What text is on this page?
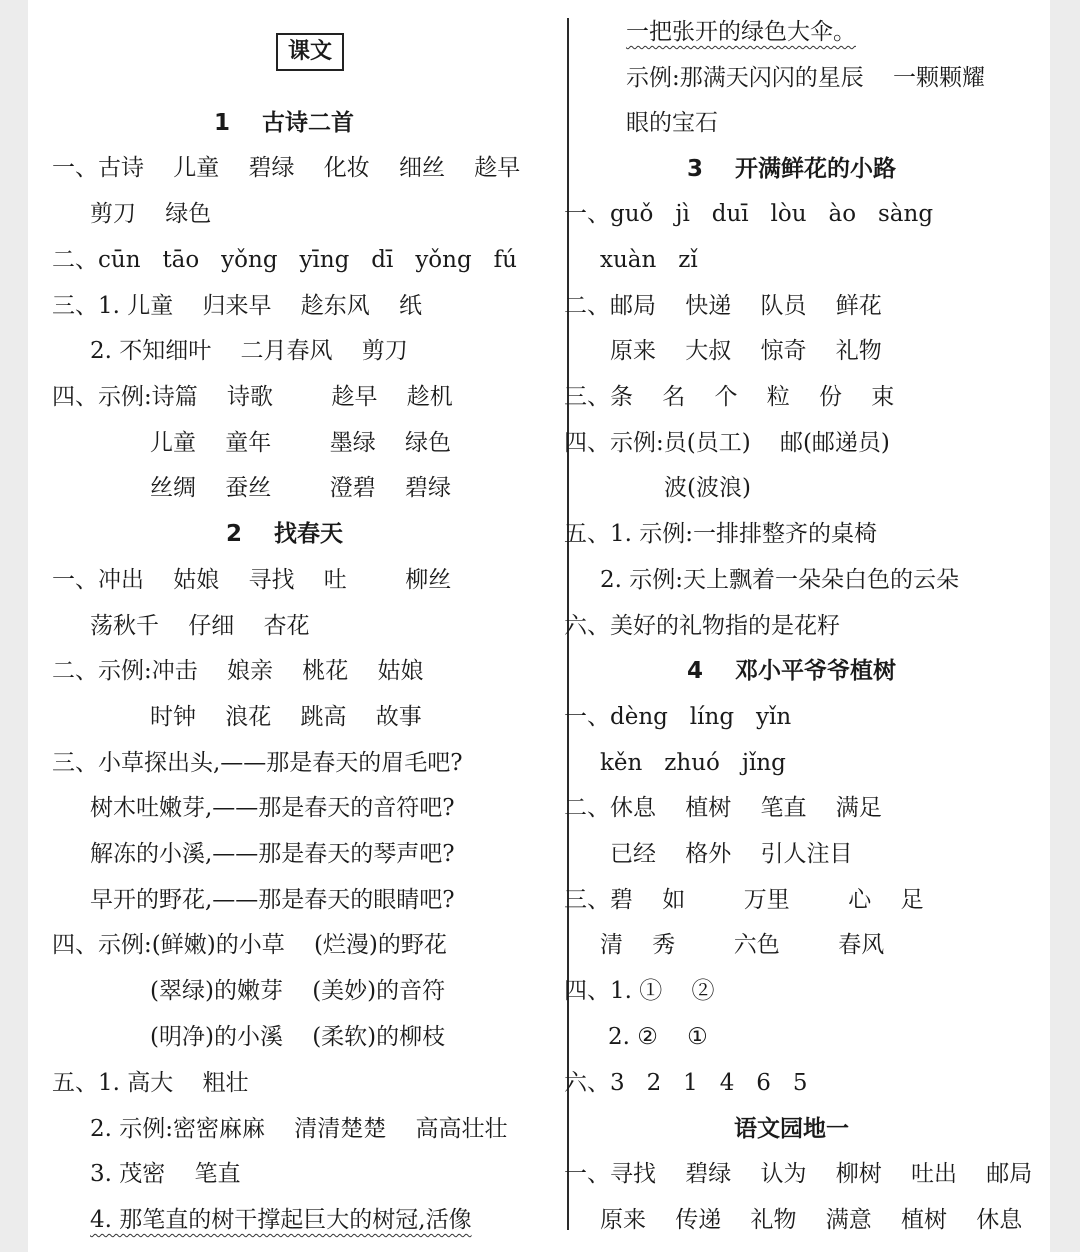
课文
1    古诗二首
一、古诗    儿童    碧绿    化妆    细丝    趁早
剪刀    绿色
二、cūn   tāo   yǒng   yīng   dī   yǒng   fú
三、1. 儿童    归来早    趁东风    纸
2. 不知细叶    二月春风    剪刀
四、示例:诗篇    诗歌        趁早    趁机
儿童    童年        墨绿    绿色
丝绸    蚕丝        澄碧    碧绿
2    找春天
一、冲出    姑娘    寻找    吐        柳丝
荡秋千    仔细    杏花
二、示例:冲击    娘亲    桃花    姑娘
时钟    浪花    跳高    故事
三、小草探出头,——那是春天的眉毛吧?
树木吐嫩芽,——那是春天的音符吧?
解冻的小溪,——那是春天的琴声吧?
早开的野花,——那是春天的眼睛吧?
四、示例:(鲜嫩)的小草    (烂漫)的野花
(翠绿)的嫩芽    (美妙)的音符
(明净)的小溪    (柔软)的柳枝
五、1. 高大    粗壮
2. 示例:密密麻麻    清清楚楚    高高壮壮
3. 茂密    笔直
4. 那笔直的树干撑起巨大的树冠,活像
一把张开的绿色大伞。
示例:那满天闪闪的星辰    一颗颗耀
眼的宝石
3    开满鲜花的小路
一、guǒ   jì   duī   lòu   ào   sàng
xuàn   zǐ
二、邮局    快递    队员    鲜花
原来    大叔    惊奇    礼物
三、条    名    个    粒    份    束
四、示例:员(员工)    邮(邮递员)
波(波浪)
五、1. 示例:一排排整齐的桌椅
2. 示例:天上飘着一朵朵白色的云朵
六、美好的礼物指的是花籽
4    邓小平爷爷植树
一、dèng   líng   yǐn
kěn   zhuó   jǐng
二、休息    植树    笔直    满足
已经    格外    引人注目
三、碧    如        万里        心    足
清    秀        六色        春风
四、1. ①    ②
2. ②    ①
六、3   2   1   4   6   5
语文园地一
一、寻找    碧绿    认为    柳树    吐出    邮局
原来    传递    礼物    满意    植树    休息
